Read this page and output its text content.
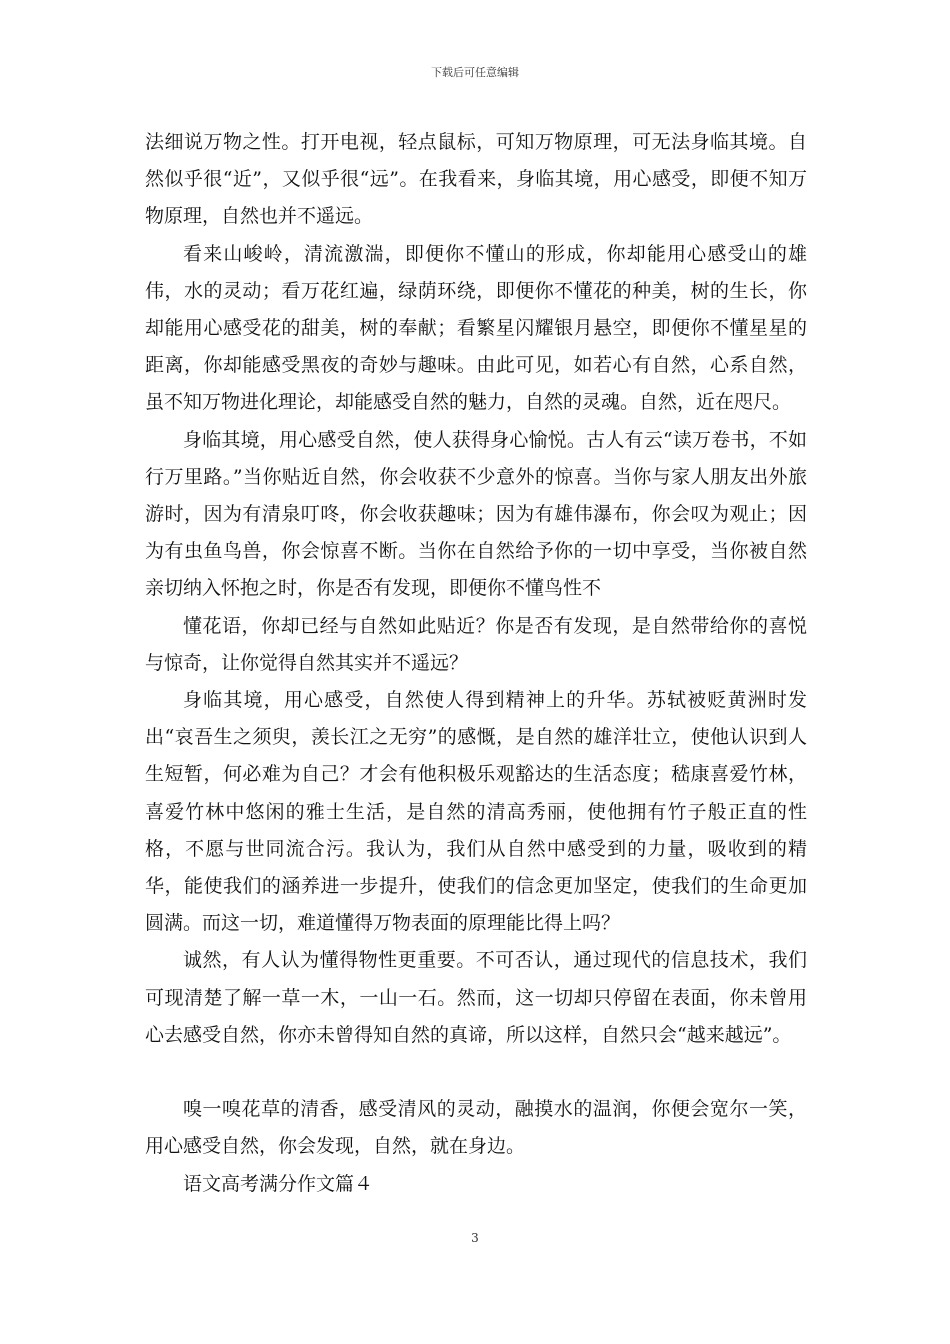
下载后可任意编辑

法细说万物之性。打开电视，轻点鼠标，可知万物原理，可无法身临其境。自然似乎很“近”，又似乎很“远”。在我看来，身临其境，用心感受，即便不知万物原理，自然也并不遥远。

看来山峻岭，清流激湍，即便你不懂山的形成，你却能用心感受山的雄伟，水的灵动；看万花红遍，绿荫环绕，即便你不懂花的种美，树的生长，你却能用心感受花的甜美，树的奉献；看繁星闪耀银月悬空，即便你不懂星星的距离，你却能感受黑夜的奇妙与趣味。由此可见，如若心有自然，心系自然，虽不知万物进化理论，却能感受自然的魅力，自然的灵魂。自然，近在咫尺。

身临其境，用心感受自然，使人获得身心愉悦。古人有云“读万卷书，不如行万里路。”当你贴近自然，你会收获不少意外的惊喜。当你与家人朋友出外旅游时，因为有清泉叮咚，你会收获趣味；因为有雄伟瀑布，你会叹为观止；因为有虫鱼鸟兽，你会惊喜不断。当你在自然给予你的一切中享受，当你被自然亲切纳入怀抱之时，你是否有发现，即便你不懂鸟性不

懂花语，你却已经与自然如此贴近？你是否有发现，是自然带给你的喜悦与惊奇，让你觉得自然其实并不遥远？

身临其境，用心感受，自然使人得到精神上的升华。苏轼被贬黄洲时发出“哀吾生之须臾，羡长江之无穷”的感慨，是自然的雄洋壮立，使他认识到人生短暂，何必难为自己？才会有他积极乐观豁达的生活态度；嵇康喜爱竹林，喜爱竹林中悠闲的雅士生活，是自然的清高秀丽，使他拥有竹子般正直的性格，不愿与世同流合污。我认为，我们从自然中感受到的力量，吸收到的精华，能使我们的涵养进一步提升，使我们的信念更加坚定，使我们的生命更加圆满。而这一切，难道懂得万物表面的原理能比得上吗？

诚然，有人认为懂得物性更重要。不可否认，通过现代的信息技术，我们可现清楚了解一草一木，一山一石。然而，这一切却只停留在表面，你未曾用心去感受自然，你亦未曾得知自然的真谛，所以这样，自然只会“越来越远”。

嗅一嗅花草的清香，感受清风的灵动，融摸水的温润，你便会宽尔一笑，用心感受自然，你会发现，自然，就在身边。

语文高考满分作文篇４

3
